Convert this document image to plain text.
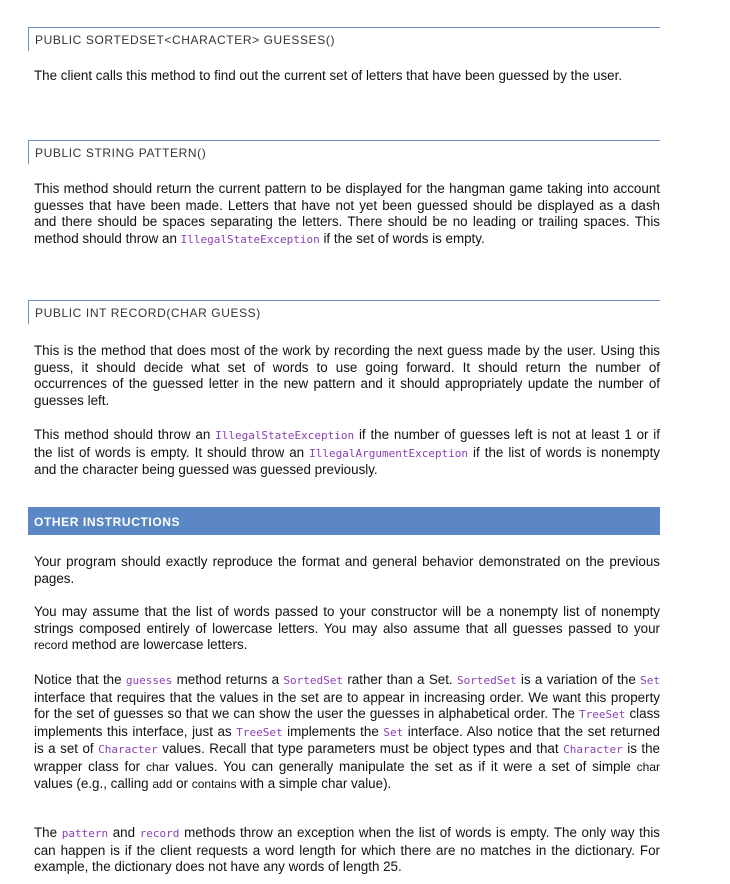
PUBLIC SORTEDSET<CHARACTER> GUESSES()

The client calls this method to find out the current set of letters that have been guessed by the user.

PUBLIC STRING PATTERN()

This method should return the current pattern to be displayed for the hangman game taking into account guesses that have been made. Letters that have not yet been guessed should be displayed as a dash and there should be spaces separating the letters. There should be no leading or trailing spaces. This method should throw an IllegalStateException if the set of words is empty.

PUBLIC INT RECORD(CHAR GUESS)

This is the method that does most of the work by recording the next guess made by the user. Using this guess, it should decide what set of words to use going forward. It should return the number of occurrences of the guessed letter in the new pattern and it should appropriately update the number of guesses left.

This method should throw an IllegalStateException if the number of guesses left is not at least 1 or if the list of words is empty. It should throw an IllegalArgumentException if the list of words is nonempty and the character being guessed was guessed previously.

OTHER INSTRUCTIONS

Your program should exactly reproduce the format and general behavior demonstrated on the previous pages.

You may assume that the list of words passed to your constructor will be a nonempty list of nonempty strings composed entirely of lowercase letters. You may also assume that all guesses passed to your record method are lowercase letters.

Notice that the guesses method returns a SortedSet rather than a Set. SortedSet is a variation of the Set interface that requires that the values in the set are to appear in increasing order. We want this property for the set of guesses so that we can show the user the guesses in alphabetical order. The TreeSet class implements this interface, just as TreeSet implements the Set interface. Also notice that the set returned is a set of Character values. Recall that type parameters must be object types and that Character is the wrapper class for char values. You can generally manipulate the set as if it were a set of simple char values (e.g., calling add or contains with a simple char value).

The pattern and record methods throw an exception when the list of words is empty. The only way this can happen is if the client requests a word length for which there are no matches in the dictionary. For example, the dictionary does not have any words of length 25.
